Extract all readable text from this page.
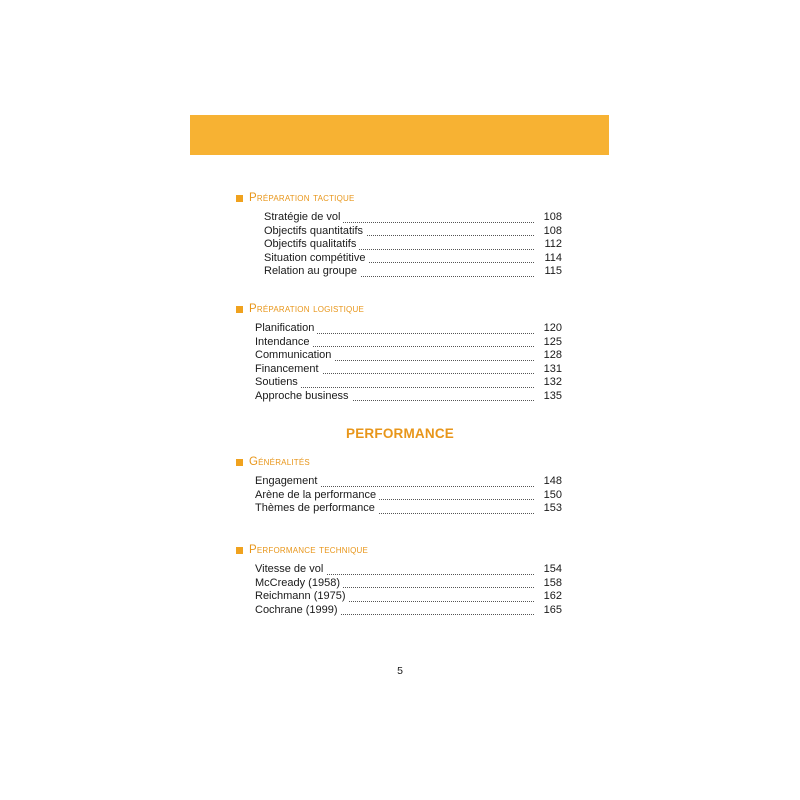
Préparation tactique
Stratégie de vol	108
Objectifs quantitatifs	108
Objectifs qualitatifs	112
Situation compétitive	114
Relation au groupe	115
Préparation logistique
Planification	120
Intendance	125
Communication	128
Financement	131
Soutiens	132
Approche business	135
PERFORMANCE
Généralités
Engagement	148
Arène de la performance	150
Thèmes de performance	153
Performance technique
Vitesse de vol	154
McCready (1958)	158
Reichmann (1975)	162
Cochrane (1999)	165
5
